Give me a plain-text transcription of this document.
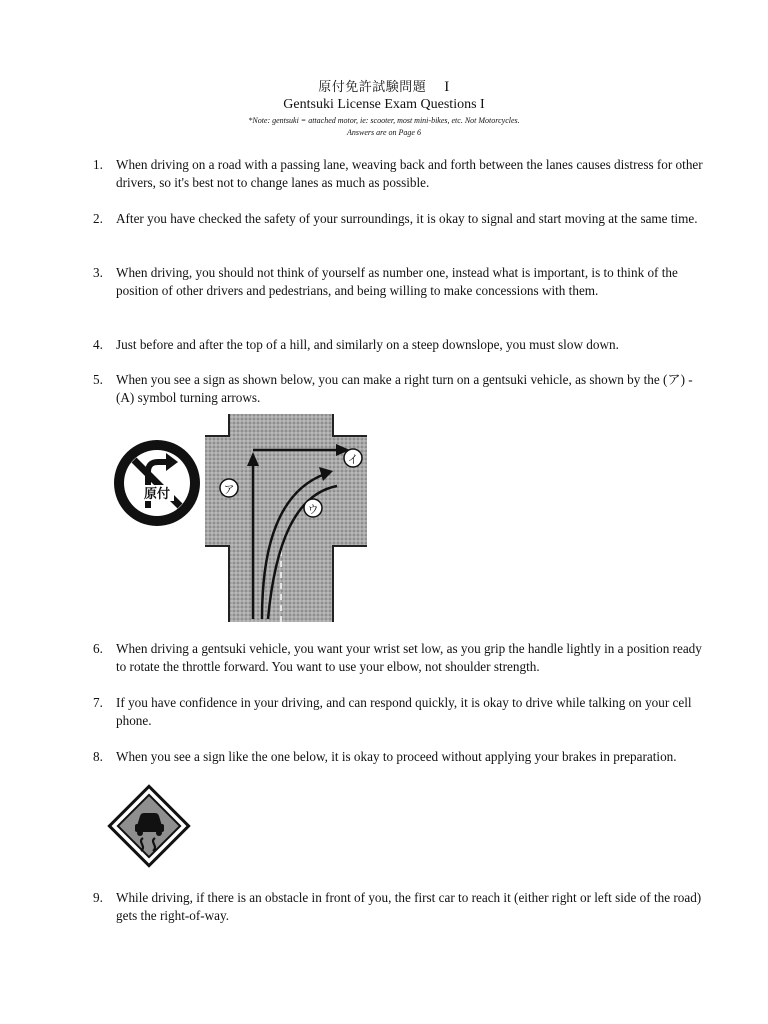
原付免許試験問題 I
Gentsuki License Exam Questions I
*Note: gentsuki = attached motor, ie: scooter, most mini-bikes, etc. Not Motorcycles.
Answers are on Page 6
1. When driving on a road with a passing lane, weaving back and forth between the lanes causes distress for other drivers, so it's best not to change lanes as much as possible.
2. After you have checked the safety of your surroundings, it is okay to signal and start moving at the same time.
3. When driving, you should not think of yourself as number one, instead what is important, is to think of the position of other drivers and pedestrians, and being willing to make concessions with them.
4. Just before and after the top of a hill, and similarly on a steep downslope, you must slow down.
5. When you see a sign as shown below, you can make a right turn on a gentsuki vehicle, as shown by the (ア) - (A) symbol turning arrows.
原付	ア
イ
ウ
6. When driving a gentsuki vehicle, you want your wrist set low, as you grip the handle lightly in a position ready to rotate the throttle forward. You want to use your elbow, not shoulder strength.
7. If you have confidence in your driving, and can respond quickly, it is okay to drive while talking on your cell phone.
8. When you see a sign like the one below, it is okay to proceed without applying your brakes in preparation.
9. While driving, if there is an obstacle in front of you, the first car to reach it (either right or left side of the road) gets the right-of-way.
